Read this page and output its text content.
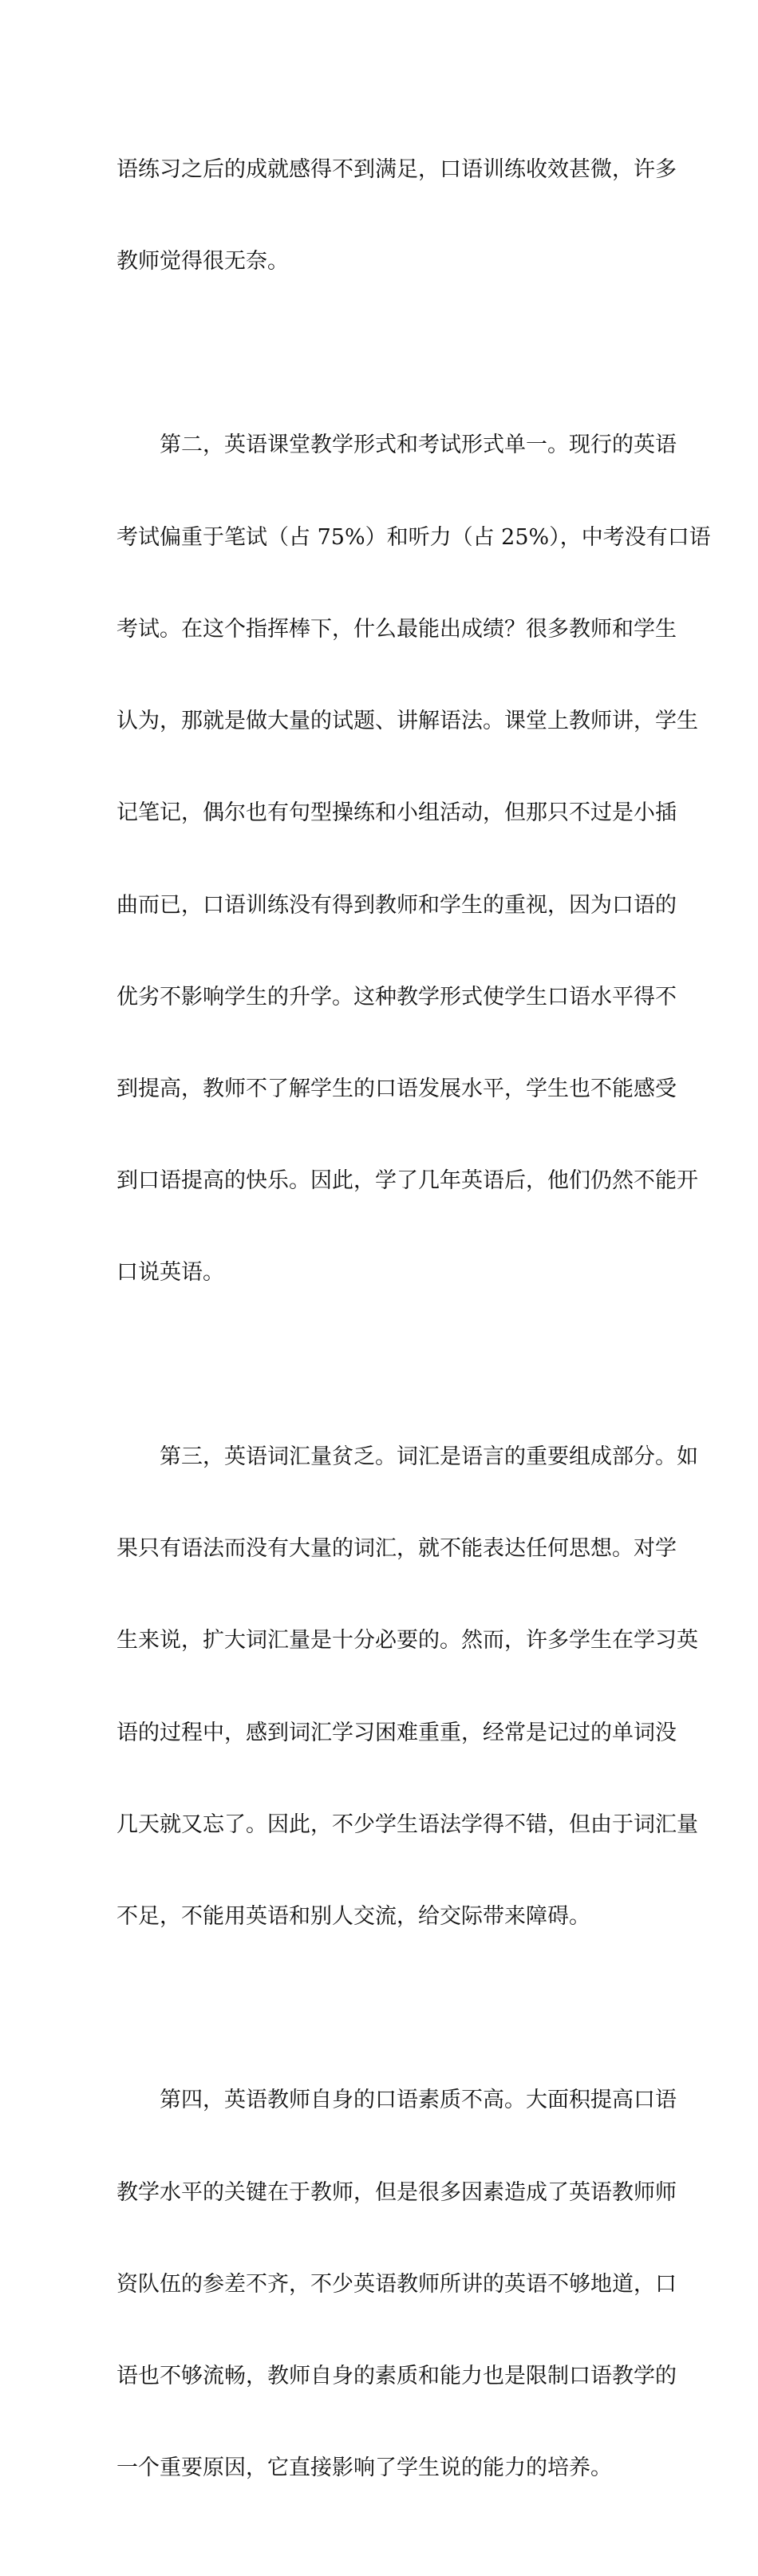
语练习之后的成就感得不到满足，口语训练收效甚微，许多

教师觉得很无奈。

第二，英语课堂教学形式和考试形式单一。现行的英语

考试偏重于笔试（占 75%）和听力（占 25%），中考没有口语

考试。在这个指挥棒下，什么最能出成绩？很多教师和学生

认为，那就是做大量的试题、讲解语法。课堂上教师讲，学生

记笔记，偶尔也有句型操练和小组活动，但那只不过是小插

曲而已，口语训练没有得到教师和学生的重视，因为口语的

优劣不影响学生的升学。这种教学形式使学生口语水平得不

到提高，教师不了解学生的口语发展水平，学生也不能感受

到口语提高的快乐。因此，学了几年英语后，他们仍然不能开

口说英语。

第三，英语词汇量贫乏。词汇是语言的重要组成部分。如

果只有语法而没有大量的词汇，就不能表达任何思想。对学

生来说，扩大词汇量是十分必要的。然而，许多学生在学习英

语的过程中，感到词汇学习困难重重，经常是记过的单词没

几天就又忘了。因此，不少学生语法学得不错，但由于词汇量

不足，不能用英语和别人交流，给交际带来障碍。

第四，英语教师自身的口语素质不高。大面积提高口语

教学水平的关键在于教师，但是很多因素造成了英语教师师

资队伍的参差不齐，不少英语教师所讲的英语不够地道，口

语也不够流畅，教师自身的素质和能力也是限制口语教学的

一个重要原因，它直接影响了学生说的能力的培养。
